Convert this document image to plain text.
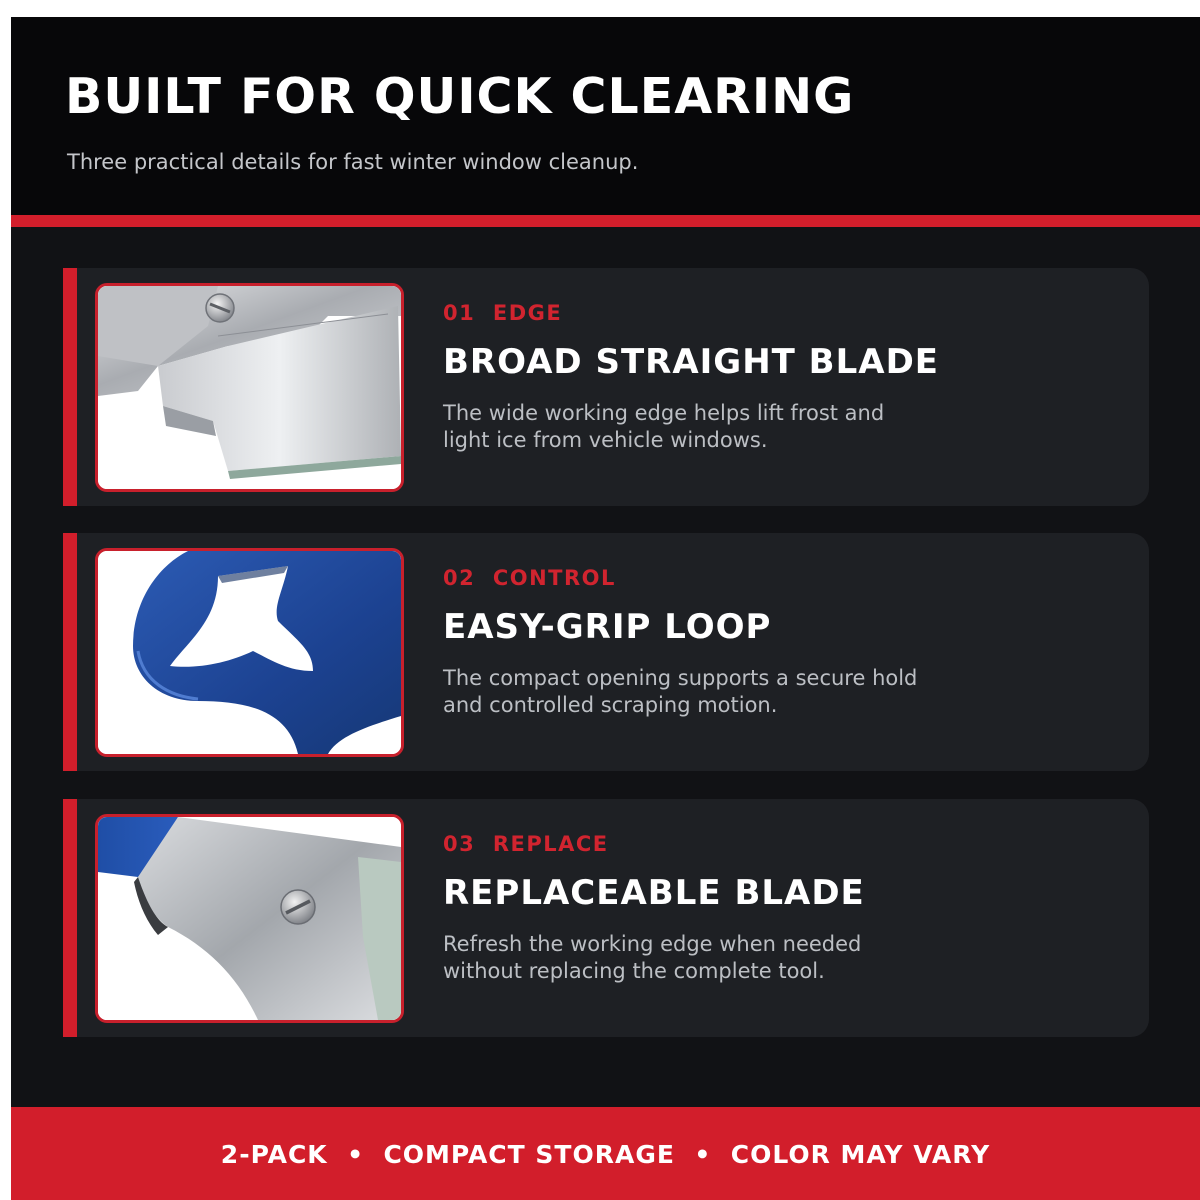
BUILT FOR QUICK CLEARING

Three practical details for fast winter window cleanup.

01  EDGE
BROAD STRAIGHT BLADE
The wide working edge helps lift frost and light ice from vehicle windows.
02  CONTROL
EASY-GRIP LOOP
The compact opening supports a secure hold and controlled scraping motion.
03  REPLACE
REPLACEABLE BLADE
Refresh the working edge when needed without replacing the complete tool.
2-PACK  •  COMPACT STORAGE  •  COLOR MAY VARY
